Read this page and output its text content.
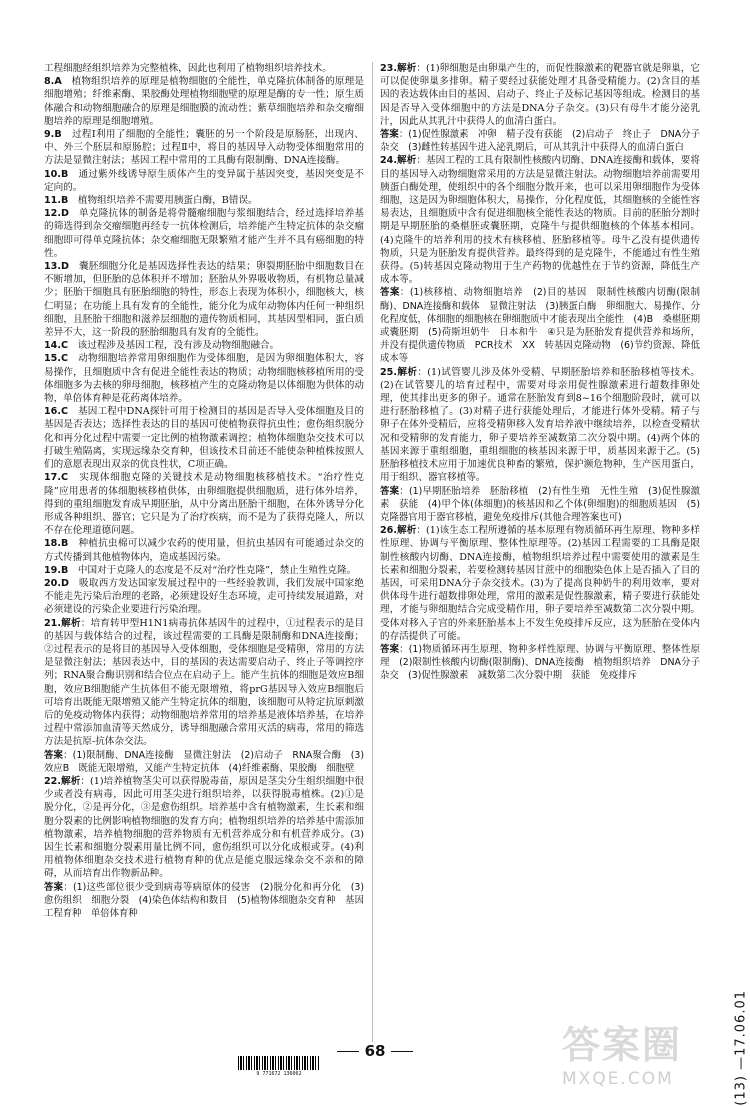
工程细胞经组织培养为完整植株，因此也利用了植物组织培养技术。

8.A　 植物组织培养的原理是植物细胞的全能性，单克隆抗体制备的原理是细胞增殖；纤维素酶、果胶酶处理植物细胞壁的原理是酶的专一性；原生质体融合和动物细胞融合的原理是细胞膜的流动性；紫草细胞培养和杂交瘤细胞培养的原理是细胞增殖。

9.B　 过程Ⅰ利用了细胞的全能性；囊胚的另一个阶段是原肠胚，出现内、中、外三个胚层和原肠腔；过程Ⅱ中，将目的基因导入动物受体细胞常用的方法是显微注射法；基因工程中常用的工具酶有限制酶、DNA连接酶。

10.B　 通过紫外线诱导原生质体产生的变异属于基因突变，基因突变是不定向的。

11.B　 植物组织培养不需要用胰蛋白酶，B错误。

12.D　 单克隆抗体的制备是将骨髓瘤细胞与浆细胞结合，经过选择培养基的筛选得到杂交瘤细胞再经专一抗体检测后，培养能产生特定抗体的杂交瘤细胞即可得单克隆抗体；杂交瘤细胞无限繁殖才能产生并不具有癌细胞的特性。

13.D　 囊胚细胞分化是基因选择性表达的结果；卵裂期胚胎中细胞数目在不断增加，但胚胎的总体积并不增加；胚胎从外界吸收物质，有机物总量减少；胚胎干细胞具有胚胎细胞的特性，形态上表现为体积小，细胞核大，核仁明显；在功能上具有发育的全能性，能分化为成年动物体内任何一种组织细胞，且胚胎干细胞和滋养层细胞的遗传物质相同，其基因型相同，蛋白质差异不大，这一阶段的胚胎细胞具有发育的全能性。

14.C　 该过程涉及基因工程，没有涉及动物细胞融合。

15.C　 动物细胞培养常用卵细胞作为受体细胞，是因为卵细胞体积大，容易操作，且细胞质中含有促进全能性表达的物质；动物细胞核移植所用的受体细胞多为去核的卵母细胞，核移植产生的克隆动物是以体细胞为供体的动物，单倍体育种是花药离体培养。

16.C　 基因工程中DNA探针可用于检测目的基因是否导入受体细胞及目的基因是否表达；选择性表达的目的基因可使植物获得抗虫性；愈伤组织脱分化和再分化过程中需要一定比例的植物激素调控；植物体细胞杂交技术可以打破生殖隔离，实现远缘杂交育种，但该技术目前还不能使杂种植株按照人们的意愿表现出双亲的优良性状，C项正确。

17.C　 实现体细胞克隆的关键技术是动物细胞核移植技术。“治疗性克隆”应用患者的体细胞核移植供体，由卵细胞提供细胞质，进行体外培养，得到的重组细胞发育成早期胚胎，从中分离出胚胎干细胞，在体外诱导分化形成各种组织、器官；它只是为了治疗疾病，而不是为了获得克隆人，所以不存在伦理道德问题。

18.B　 种植抗虫棉可以减少农药的使用量，但抗虫基因有可能通过杂交的方式传播到其他植物体内，造成基因污染。

19.B　 中国对于克隆人的态度是不反对“治疗性克隆”，禁止生殖性克隆。

20.D　 吸取西方发达国家发展过程中的一些经验教训，我们发展中国家绝不能走先污染后治理的老路，必须建设好生态环境，走可持续发展道路，对必须建设的污染企业要进行污染治理。

21.解析：培育转甲型H1N1病毒抗体基因牛的过程中，①过程表示的是目的基因与载体结合的过程，该过程需要的工具酶是限制酶和DNA连接酶；②过程表示的是将目的基因导入受体细胞，受体细胞是受精卵，常用的方法是显微注射法；基因表达中，目的基因的表达需要启动子、终止子等调控序列；RNA聚合酶识别和结合位点在启动子上。能产生抗体的细胞是效应B细胞，效应B细胞能产生抗体但不能无限增殖，将prG基因导入效应B细胞后可培育出既能无限增殖又能产生特定抗体的细胞，该细胞可从特定抗原刺激后的免疫动物体内获得；动物细胞培养常用的培养基是液体培养基，在培养过程中常添加血清等天然成分，诱导细胞融合常用灭活的病毒，常用的筛选方法是抗原-抗体杂交法。

答案：(1)限制酶、DNA连接酶　显微注射法　(2)启动子　RNA聚合酶　(3)效应B　既能无限增殖，又能产生特定抗体　(4)纤维素酶、果胶酶　细胞壁

22.解析：(1)培养植物茎尖可以获得脱毒苗，原因是茎尖分生组织细胞中很少或者没有病毒，因此可用茎尖进行组织培养，以获得脱毒植株。(2)①是脱分化，②是再分化，③是愈伤组织。培养基中含有植物激素，生长素和细胞分裂素的比例影响植物细胞的发育方向；植物组织培养的培养基中需添加植物激素，培养植物细胞的营养物质有无机营养成分和有机营养成分。(3)因生长素和细胞分裂素用量比例不同，愈伤组织可以分化成根或芽。(4)利用植物体细胞杂交技术进行植物育种的优点是能克服远缘杂交不亲和的障碍，从而培育出作物新品种。

答案：(1)这些部位很少受到病毒等病原体的侵害　(2)脱分化和再分化　(3)愈伤组织　细胞分裂　(4)染色体结构和数目　(5)植物体细胞杂交育种　基因工程育种　单倍体育种

23.解析：(1)卵细胞是由卵巢产生的，而促性腺激素的靶器官就是卵巢，它可以促使卵巢多排卵。精子要经过获能处理才具备受精能力。(2)含目的基因的表达载体由目的基因、启动子、终止子及标记基因等组成。检测目的基因是否导入受体细胞中的方法是DNA分子杂交。(3)只有母牛才能分泌乳汁，因此从其乳汁中获得人的血清白蛋白。

答案：(1)促性腺激素　冲卵　精子没有获能　(2)启动子　终止子　DNA分子杂交　(3)雌性转基因牛进入泌乳期后，可从其乳汁中获得人的血清白蛋白

24.解析：基因工程的工具有限制性核酸内切酶、DNA连接酶和载体，要将目的基因导入动物细胞常采用的方法是显微注射法。动物细胞培养前需要用胰蛋白酶处理，使组织中的各个细胞分散开来，也可以采用卵细胞作为受体细胞，这是因为卵细胞体积大，易操作，分化程度低，其细胞核的全能性容易表达，且细胞质中含有促进细胞核全能性表达的物质。目前的胚胎分割时期是早期胚胎的桑椹胚或囊胚期，克隆牛与提供细胞核的个体基本相同。(4)克隆牛的培养利用的技术有核移植、胚胎移植等。母牛乙没有提供遗传物质，只是为胚胎发育提供营养。最终得到的是克隆牛，不能通过有性生殖获得。(5)转基因克隆动物用于生产药物的优越性在于节约资源，降低生产成本等。

答案：(1)核移植、动物细胞培养　(2)目的基因　限制性核酸内切酶(限制酶)、DNA连接酶和载体　显微注射法　(3)胰蛋白酶　卵细胞大、易操作、分化程度低，体细胞的细胞核在卵细胞质中才能表现出全能性　(4)B　桑椹胚期或囊胚期　(5)荷斯坦奶牛　日本和牛　④只是为胚胎发育提供营养和场所，并没有提供遗传物质　PCR技术　XX　转基因克隆动物　(6)节约资源、降低成本等

25.解析：(1)试管婴儿涉及体外受精、早期胚胎培养和胚胎移植等技术。(2)在试管婴儿的培育过程中，需要对母亲用促性腺激素进行超数排卵处理，使其排出更多的卵子。通常在胚胎发育到8~16个细胞阶段时，就可以进行胚胎移植了。(3)对精子进行获能处理后，才能进行体外受精。精子与卵子在体外受精后，应将受精卵移入发育培养液中继续培养，以检查受精状况和受精卵的发育能力，卵子要培养至减数第二次分裂中期。(4)两个体的基因来源于重组细胞，重组细胞的核基因来源于甲，质基因来源于乙。(5)胚胎移植技术应用于加速优良种畜的繁殖，保护濒危物种，生产医用蛋白，用于组织、器官移植等。

答案：(1)早期胚胎培养　胚胎移植　(2)有性生殖　无性生殖　(3)促性腺激素　获能　(4)甲个体(体细胞)的核基因和乙个体(卵细胞)的细胞质基因　(5)克隆器官用于器官移植，避免免疫排斥(其他合理答案也可)

26.解析：(1)该生态工程所遵循的基本原理有物质循环再生原理、物种多样性原理、协调与平衡原理、整体性原理等。(2)基因工程需要的工具酶是限制性核酸内切酶、DNA连接酶，植物组织培养过程中需要使用的激素是生长素和细胞分裂素，若要检测转基因甘蔗中的细胞染色体上是否插入了目的基因，可采用DNA分子杂交技术。(3)为了提高良种奶牛的利用效率，要对供体母牛进行超数排卵处理，常用的激素是促性腺激素，精子要进行获能处理，才能与卵细胞结合完成受精作用，卵子要培养至减数第二次分裂中期。受体对移入子宫的外来胚胎基本上不发生免疫排斥反应，这为胚胎在受体内的存活提供了可能。

答案：(1)物质循环再生原理、物种多样性原理、协调与平衡原理、整体性原理　(2)限制性核酸内切酶(限制酶)、DNA连接酶　植物组织培养　DNA分子杂交　(3)促性腺激素　减数第二次分裂中期　获能　免疫排斥

(13) —17.06.01
68
9 771672 136062
答案圈
MXQE.COM
